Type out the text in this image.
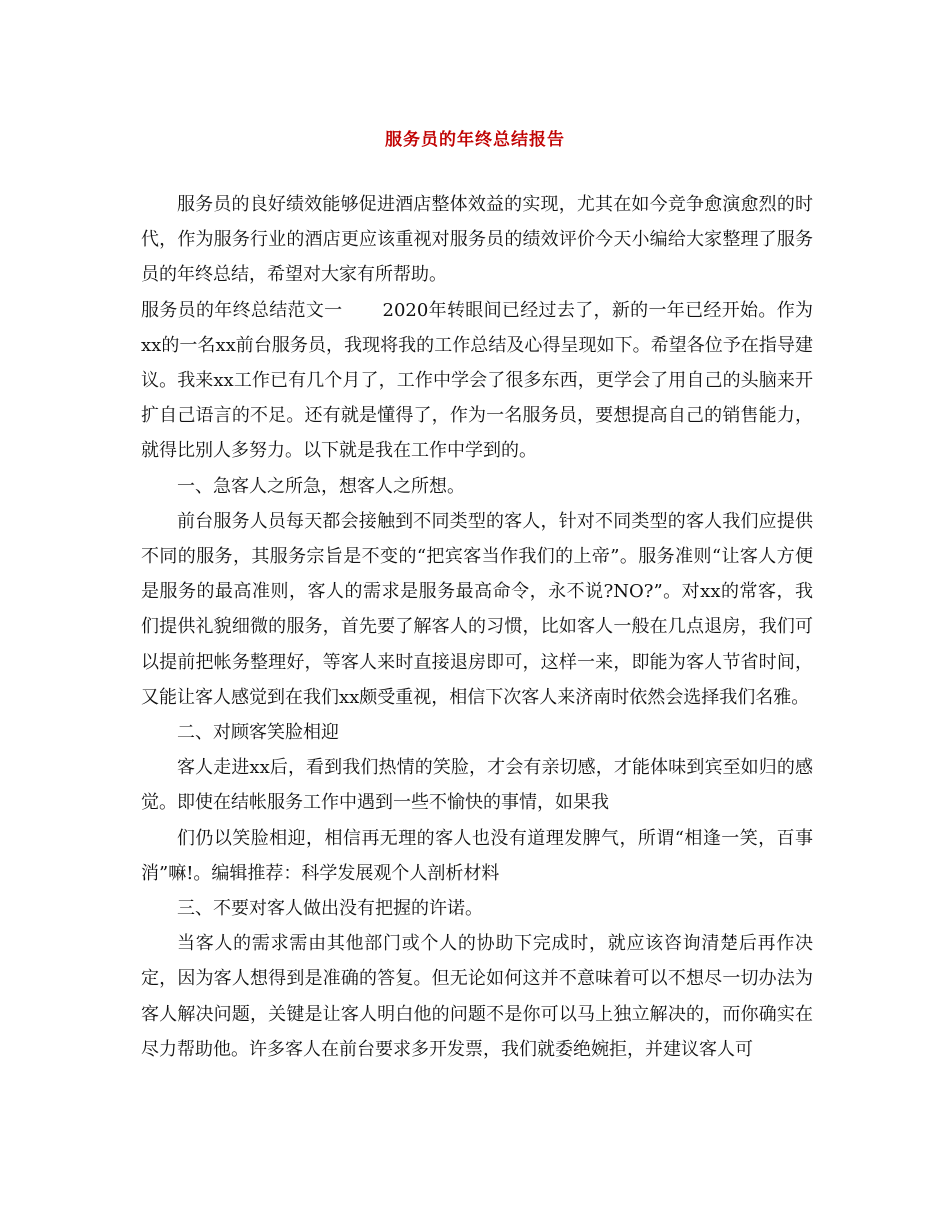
服务员的年终总结报告

服务员的良好绩效能够促进酒店整体效益的实现，尤其在如今竞争愈演愈烈的时代，作为服务行业的酒店更应该重视对服务员的绩效评价今天小编给大家整理了服务员的年终总结，希望对大家有所帮助。

服务员的年终总结范文一 2020年转眼间已经过去了，新的一年已经开始。作为xx的一名xx前台服务员，我现将我的工作总结及心得呈现如下。希望各位予在指导建议。我来xx工作已有几个月了，工作中学会了很多东西，更学会了用自己的头脑来开扩自己语言的不足。还有就是懂得了，作为一名服务员，要想提高自己的销售能力，就得比别人多努力。以下就是我在工作中学到的。

一、急客人之所急，想客人之所想。

前台服务人员每天都会接触到不同类型的客人，针对不同类型的客人我们应提供不同的服务，其服务宗旨是不变的“把宾客当作我们的上帝”。服务准则“让客人方便是服务的最高准则，客人的需求是服务最高命令，永不说?NO?”。对xx的常客，我们提供礼貌细微的服务，首先要了解客人的习惯，比如客人一般在几点退房，我们可以提前把帐务整理好，等客人来时直接退房即可，这样一来，即能为客人节省时间，又能让客人感觉到在我们xx颇受重视，相信下次客人来济南时依然会选择我们名雅。

二、对顾客笑脸相迎

客人走进xx后，看到我们热情的笑脸，才会有亲切感，才能体味到宾至如归的感觉。即使在结帐服务工作中遇到一些不愉快的事情，如果我

们仍以笑脸相迎，相信再无理的客人也没有道理发脾气，所谓“相逢一笑，百事消”嘛!。编辑推荐：科学发展观个人剖析材料

三、不要对客人做出没有把握的许诺。

当客人的需求需由其他部门或个人的协助下完成时，就应该咨询清楚后再作决定，因为客人想得到是准确的答复。但无论如何这并不意味着可以不想尽一切办法为客人解决问题，关键是让客人明白他的问题不是你可以马上独立解决的，而你确实在尽力帮助他。许多客人在前台要求多开发票，我们就委绝婉拒，并建议客人可
